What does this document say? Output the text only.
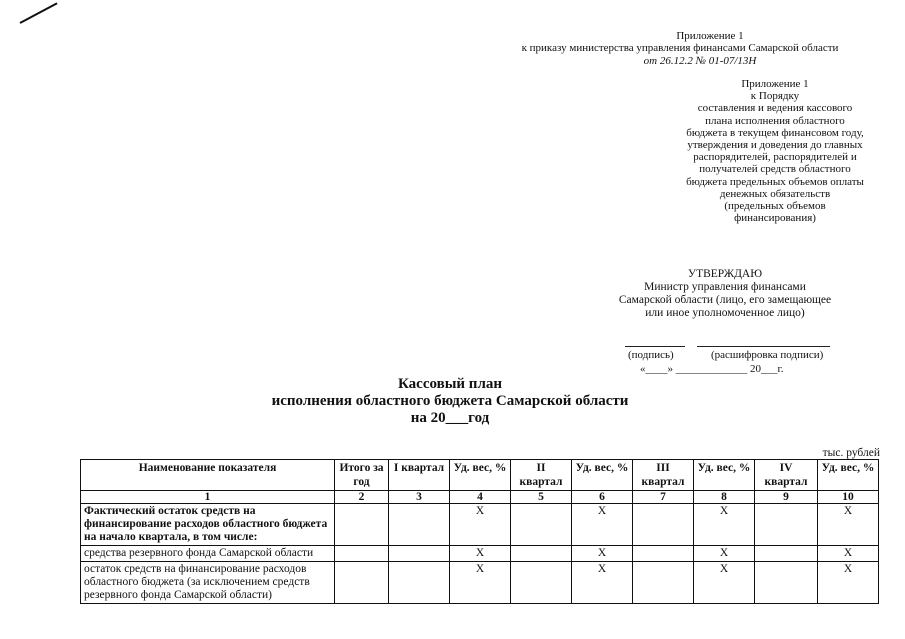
Приложение 1
к приказу министерства управления финансами Самарской области
от 26.12.2 № 01-07/13Н
Приложение 1
к Порядку
составления и ведения кассового
плана исполнения областного
бюджета в текущем финансовом году,
утверждения и доведения до главных
распорядителей, распорядителей и
получателей средств областного
бюджета предельных объемов оплаты
денежных обязательств
(предельных объемов
финансирования)
УТВЕРЖДАЮ
Министр управления финансами
Самарской области (лицо, его замещающее
или иное уполномоченное лицо)
(подпись)	(расшифровка подписи)
«____» _____________ 20___г.
Кассовый план
исполнения областного бюджета Самарской области
на 20___год
тыс. рублей
Наименование показателя	Итого за год	I квартал	Уд. вес, %	II квартал	Уд. вес, %	III квартал	Уд. вес, %	IV квартал	Уд. вес, %
1	2	3	4	5	6	7	8	9	10
Фактический остаток средств на финансирование расходов областного бюджета на начало квартала, в том числе:			X		X		X		X
средства резервного фонда Самарской области			X		X		X		X
остаток средств на финансирование расходов областного бюджета (за исключением средств резервного фонда Самарской области)			X		X		X		X
